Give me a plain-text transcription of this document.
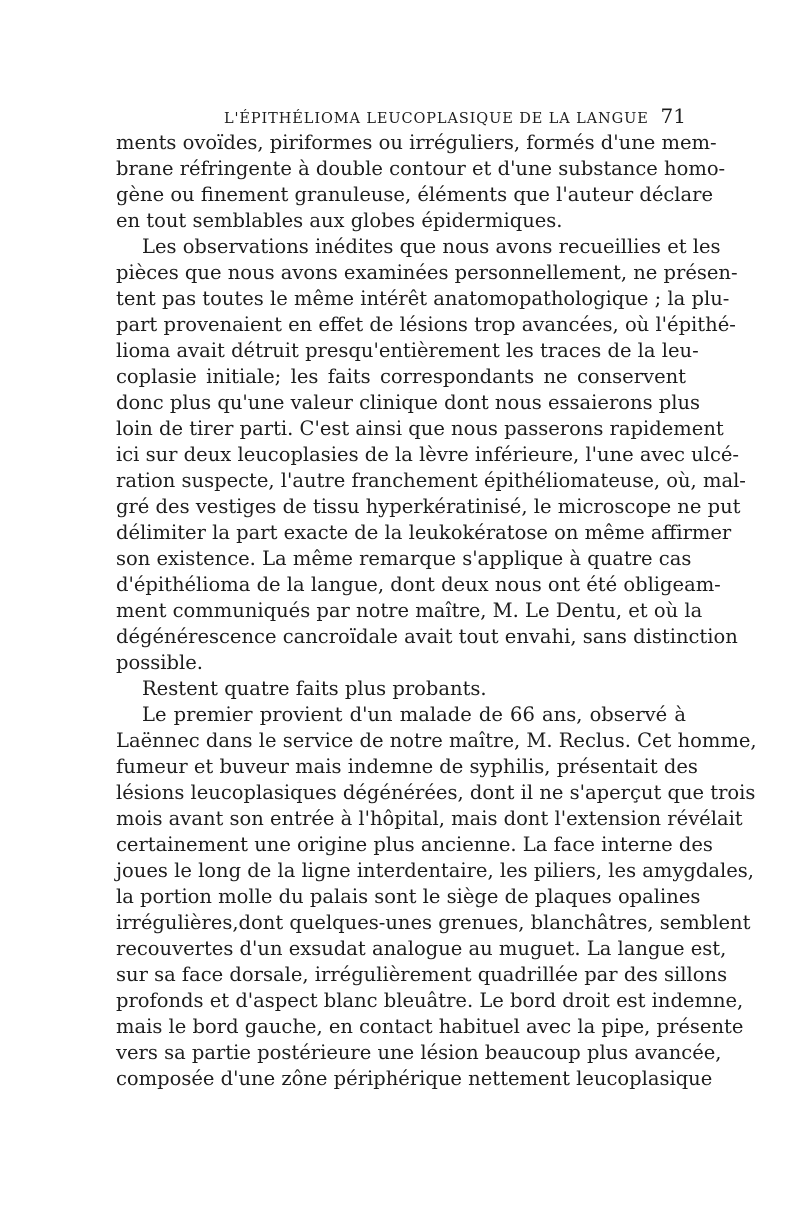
L'ÉPITHÉLIOMA LEUCOPLASIQUE DE LA LANGUE 71
ments ovoïdes, piriformes ou irréguliers, formés d'une mem-
brane réfringente à double contour et d'une substance homo-
gène ou finement granuleuse, éléments que l'auteur déclare
en tout semblables aux globes épidermiques.
Les observations inédites que nous avons recueillies et les
pièces que nous avons examinées personnellement, ne présen-
tent pas toutes le même intérêt anatomopathologique ; la plu-
part provenaient en effet de lésions trop avancées, où l'épithé-
lioma avait détruit presqu'entièrement les traces de la leu-
coplasie initiale; les faits correspondants ne conservent
donc plus qu'une valeur clinique dont nous essaierons plus
loin de tirer parti. C'est ainsi que nous passerons rapidement
ici sur deux leucoplasies de la lèvre inférieure, l'une avec ulcé-
ration suspecte, l'autre franchement épithéliomateuse, où, mal-
gré des vestiges de tissu hyperkératinisé, le microscope ne put
délimiter la part exacte de la leukokératose on même affirmer
son existence. La même remarque s'applique à quatre cas
d'épithélioma de la langue, dont deux nous ont été obligeam-
ment communiqués par notre maître, M. Le Dentu, et où la
dégénérescence cancroïdale avait tout envahi, sans distinction
possible.
Restent quatre faits plus probants.
Le premier provient d'un malade de 66 ans, observé à
Laënnec dans le service de notre maître, M. Reclus. Cet homme,
fumeur et buveur mais indemne de syphilis, présentait des
lésions leucoplasiques dégénérées, dont il ne s'aperçut que trois
mois avant son entrée à l'hôpital, mais dont l'extension révélait
certainement une origine plus ancienne. La face interne des
joues le long de la ligne interdentaire, les piliers, les amygdales,
la portion molle du palais sont le siège de plaques opalines
irrégulières,dont quelques-unes grenues, blanchâtres, semblent
recouvertes d'un exsudat analogue au muguet. La langue est,
sur sa face dorsale, irrégulièrement quadrillée par des sillons
profonds et d'aspect blanc bleuâtre. Le bord droit est indemne,
mais le bord gauche, en contact habituel avec la pipe, présente
vers sa partie postérieure une lésion beaucoup plus avancée,
composée d'une zône périphérique nettement leucoplasique
